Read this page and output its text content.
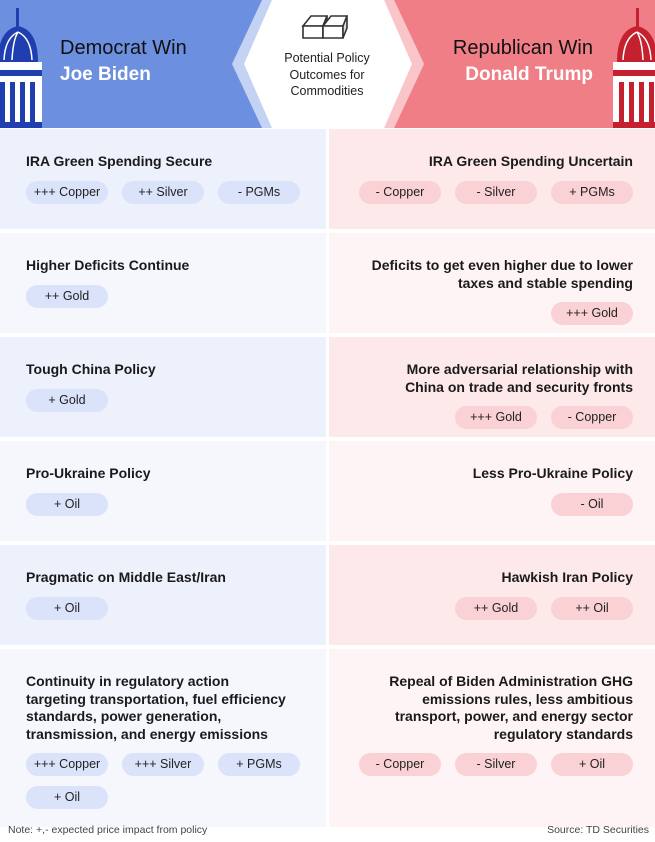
Democrat Win
Joe Biden
Republican Win
Donald Trump
Potential Policy
Outcomes for
Commodities
IRA Green Spending Secure
+++ Copper	++ Silver	- PGMs
IRA Green Spending Uncertain
- Copper	- Silver	+ PGMs
Higher Deficits Continue
++ Gold
Deficits to get even higher due to lower
taxes and stable spending
+++ Gold
Tough China Policy
+ Gold
More adversarial relationship with
China on trade and security fronts
+++ Gold	- Copper
Pro-Ukraine Policy
+ Oil
Less Pro-Ukraine Policy
- Oil
Pragmatic on Middle East/Iran
+ Oil
Hawkish Iran Policy
++ Gold	++ Oil
Continuity in regulatory action
targeting transportation, fuel efficiency
standards, power generation,
transmission, and energy emissions
+++ Copper	+++ Silver	+ PGMs
+ Oil
Repeal of Biden Administration GHG
emissions rules, less ambitious
transport, power, and energy sector
regulatory standards
- Copper	- Silver	+ Oil
Note: +,- expected price impact from policy	Source: TD Securities
